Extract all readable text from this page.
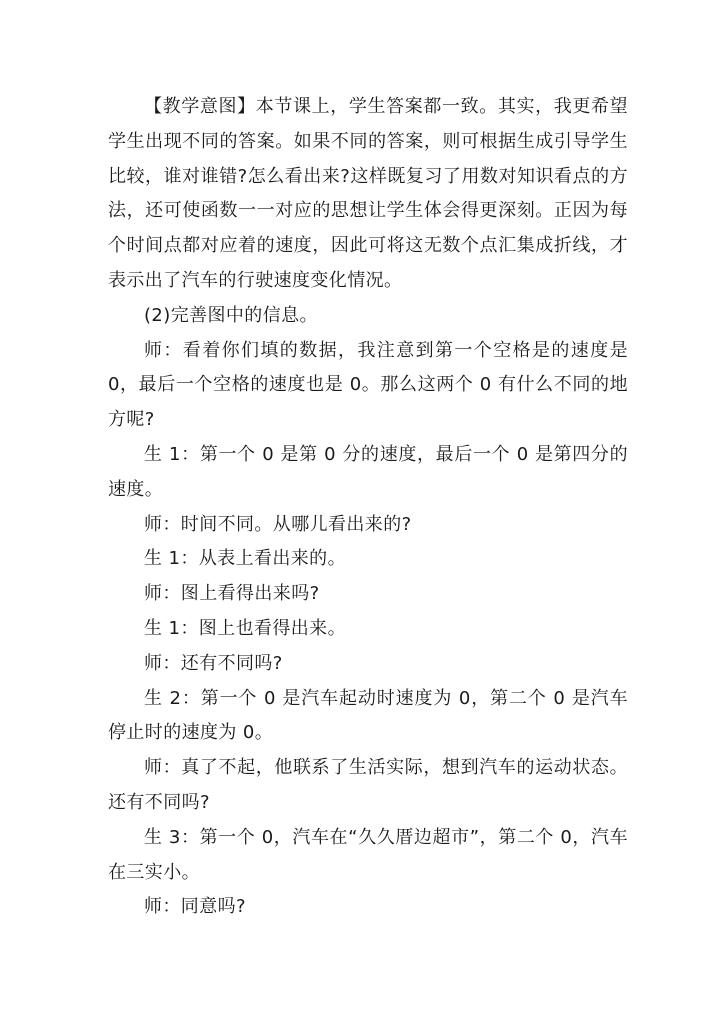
【教学意图】本节课上，学生答案都一致。其实，我更希望学生出现不同的答案。如果不同的答案，则可根据生成引导学生比较，谁对谁错?怎么看出来?这样既复习了用数对知识看点的方法，还可使函数一一对应的思想让学生体会得更深刻。正因为每个时间点都对应着的速度，因此可将这无数个点汇集成折线，才表示出了汽车的行驶速度变化情况。

(2)完善图中的信息。

师：看着你们填的数据，我注意到第一个空格是的速度是 0，最后一个空格的速度也是 0。那么这两个 0 有什么不同的地方呢?

生 1：第一个 0 是第 0 分的速度，最后一个 0 是第四分的速度。

师：时间不同。从哪儿看出来的?

生 1：从表上看出来的。

师：图上看得出来吗?

生 1：图上也看得出来。

师：还有不同吗?

生 2：第一个 0 是汽车起动时速度为 0，第二个 0 是汽车停止时的速度为 0。

师：真了不起，他联系了生活实际，想到汽车的运动状态。还有不同吗?

生 3：第一个 0，汽车在“久久厝边超市”，第二个 0，汽车在三实小。

师：同意吗?
